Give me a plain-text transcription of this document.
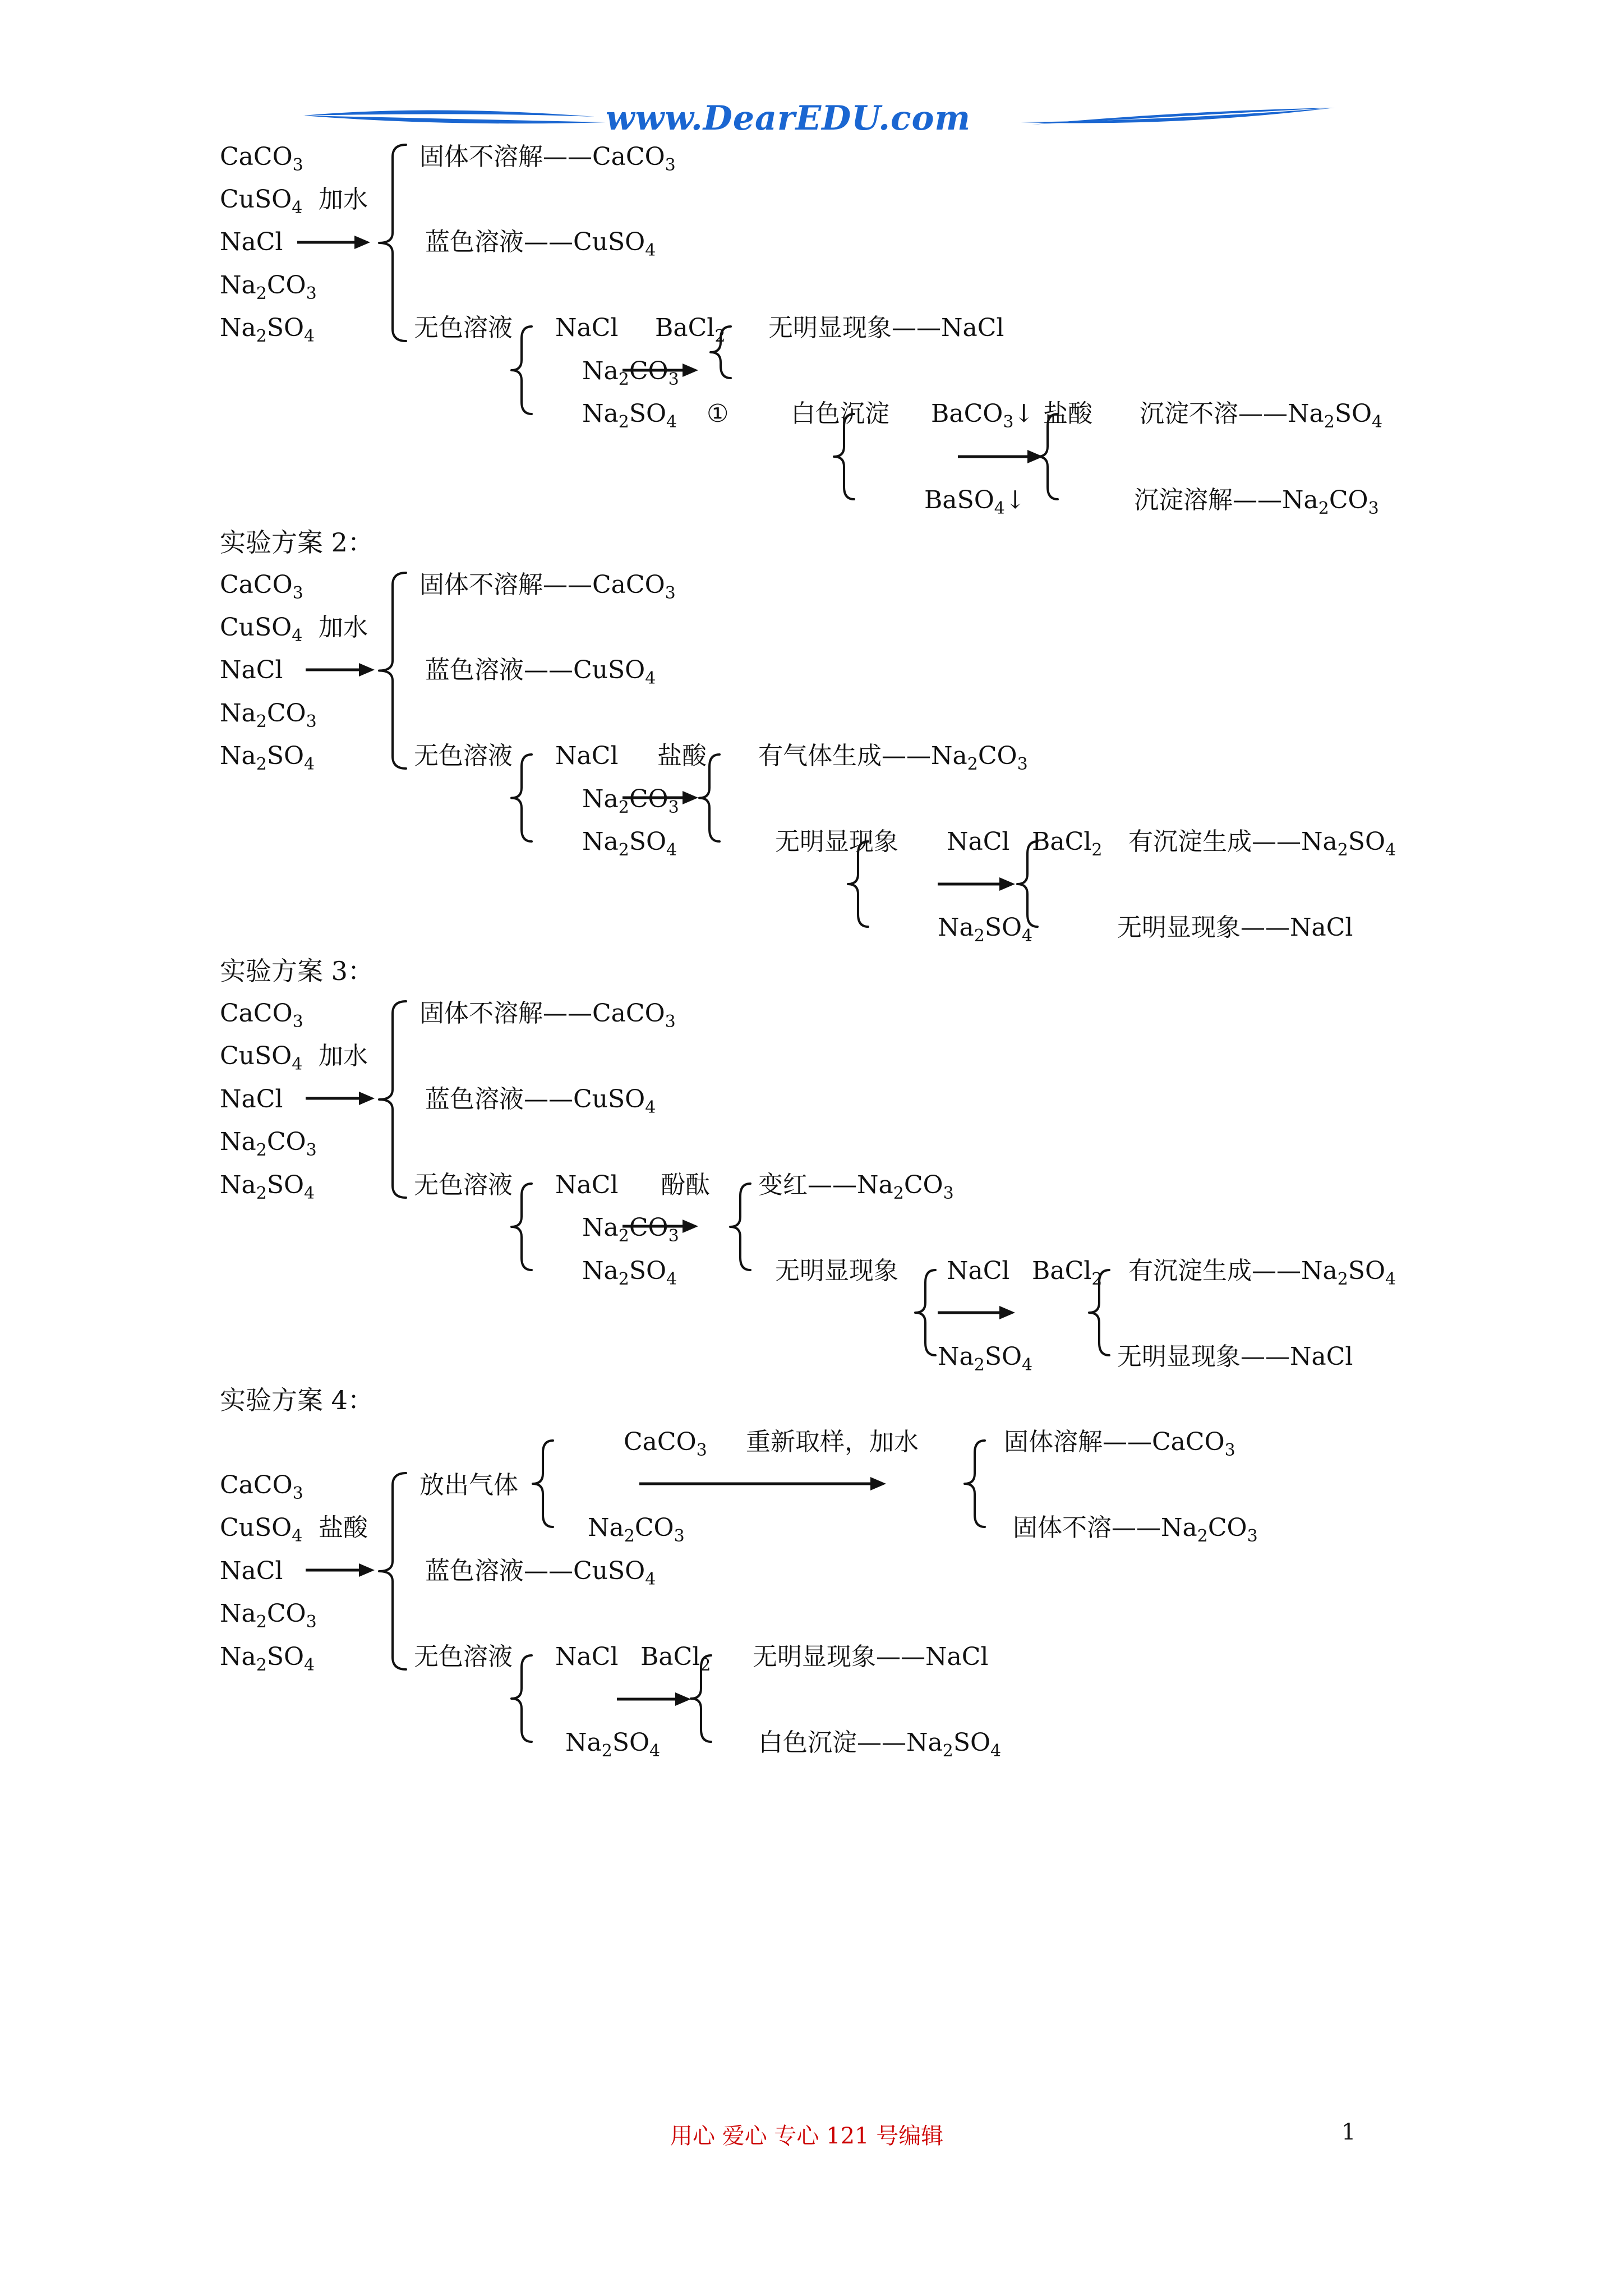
www.DearEDU.com
CaCO$_3$
CuSO$_4$
NaCl
$Na_2CO_3$
$Na_2SO_4$
加水
固体不溶解——CaCO$_3$
蓝色溶液——CuSO$_4$
无色溶液 NaCl
$Na_2CO_3$
$Na_2SO_4$
BaCl$_2$
①
无明显现象——NaCl
白色沉淀 BaCO$_3$↓
BaSO$_4$↓
盐酸 沉淀不溶$——Na_2SO_4$
沉淀溶解$——Na_2CO_3$
实验方案 2：
CaCO$_3$
CuSO$_4$
NaCl
$Na_2CO_3$
$Na_2SO_4$
加水
固体不溶解——CaCO$_3$
蓝色溶液——CuSO$_4$
无色溶液 NaCl
$Na_2CO_3$
$Na_2SO_4$
盐酸 有气体生成$——Na_2CO_3$
无明显现象 NaCl
$Na_2SO_4$
BaCl$_2$ 有沉淀生成$——Na_2SO_4$
无明显现象——NaCl
实验方案 3：
CaCO$_3$
CuSO$_4$
NaCl
$Na_2CO_3$
$Na_2SO_4$
加水
固体不溶解——CaCO$_3$
蓝色溶液——CuSO$_4$
无色溶液 NaCl
$Na_2CO_3$
$Na_2SO_4$
酚酞 变红$——Na_2CO_3$
无明显现象 NaCl
$Na_2SO_4$
BaCl$_2$ 有沉淀生成$——Na_2SO_4$
无明显现象——NaCl
实验方案 4：
CaCO$_3$
CuSO$_4$
NaCl
$Na_2CO_3$
$Na_2SO_4$
盐酸
放出气体
CaCO$_3$
$Na_2CO_3$
重新取样，加水	固体溶解——CaCO$_3$
固体不溶$——Na_2CO_3$
蓝色溶液——CuSO$_4$
无色溶液 NaCl
$Na_2SO_4$
BaCl$_2$ 无明显现象——NaCl
白色沉淀$——Na_2SO_4$
用心 爱心 专心 121 号编辑	1
